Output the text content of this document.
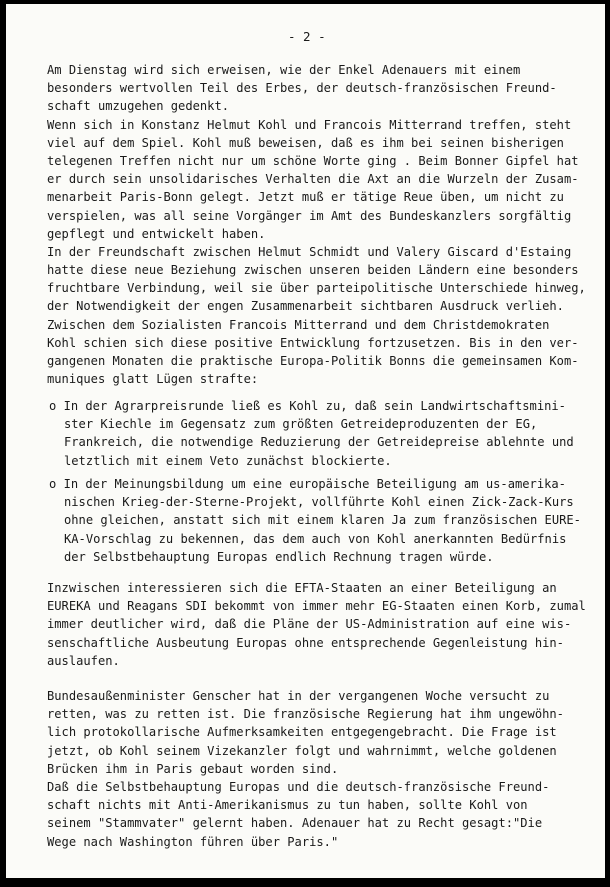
- 2 -
Am Dienstag wird sich erweisen, wie der Enkel Adenauers mit einem
besonders wertvollen Teil des Erbes, der deutsch-französischen Freund-
schaft umzugehen gedenkt.
Wenn sich in Konstanz Helmut Kohl und Francois Mitterrand treffen, steht
viel auf dem Spiel. Kohl muß beweisen, daß es ihm bei seinen bisherigen
telegenen Treffen nicht nur um schöne Worte ging . Beim Bonner Gipfel hat
er durch sein unsolidarisches Verhalten die Axt an die Wurzeln der Zusam-
menarbeit Paris-Bonn gelegt. Jetzt muß er tätige Reue üben, um nicht zu
verspielen, was all seine Vorgänger im Amt des Bundeskanzlers sorgfältig
gepflegt und entwickelt haben.
In der Freundschaft zwischen Helmut Schmidt und Valery Giscard d'Estaing
hatte diese neue Beziehung zwischen unseren beiden Ländern eine besonders
fruchtbare Verbindung, weil sie über parteipolitische Unterschiede hinweg,
der Notwendigkeit der engen Zusammenarbeit sichtbaren Ausdruck verlieh.
Zwischen dem Sozialisten Francois Mitterrand und dem Christdemokraten
Kohl schien sich diese positive Entwicklung fortzusetzen. Bis in den ver-
gangenen Monaten die praktische Europa-Politik Bonns die gemeinsamen Kom-
muniques glatt Lügen strafte:
o In der Agrarpreisrunde ließ es Kohl zu, daß sein Landwirtschaftsmini-
ster Kiechle im Gegensatz zum größten Getreideproduzenten der EG,
Frankreich, die notwendige Reduzierung der Getreidepreise ablehnte und
letztlich mit einem Veto zunächst blockierte.
o In der Meinungsbildung um eine europäische Beteiligung am us-amerika-
nischen Krieg-der-Sterne-Projekt, vollführte Kohl einen Zick-Zack-Kurs
ohne gleichen, anstatt sich mit einem klaren Ja zum französischen EURE-
KA-Vorschlag zu bekennen, das dem auch von Kohl anerkannten Bedürfnis
der Selbstbehauptung Europas endlich Rechnung tragen würde.
Inzwischen interessieren sich die EFTA-Staaten an einer Beteiligung an
EUREKA und Reagans SDI bekommt von immer mehr EG-Staaten einen Korb, zumal
immer deutlicher wird, daß die Pläne der US-Administration auf eine wis-
senschaftliche Ausbeutung Europas ohne entsprechende Gegenleistung hin-
auslaufen.
Bundesaußenminister Genscher hat in der vergangenen Woche versucht zu
retten, was zu retten ist. Die französische Regierung hat ihm ungewöhn-
lich protokollarische Aufmerksamkeiten entgegengebracht. Die Frage ist
jetzt, ob Kohl seinem Vizekanzler folgt und wahrnimmt, welche goldenen
Brücken ihm in Paris gebaut worden sind.
Daß die Selbstbehauptung Europas und die deutsch-französische Freund-
schaft nichts mit Anti-Amerikanismus zu tun haben, sollte Kohl von
seinem "Stammvater" gelernt haben. Adenauer hat zu Recht gesagt:"Die
Wege nach Washington führen über Paris."
